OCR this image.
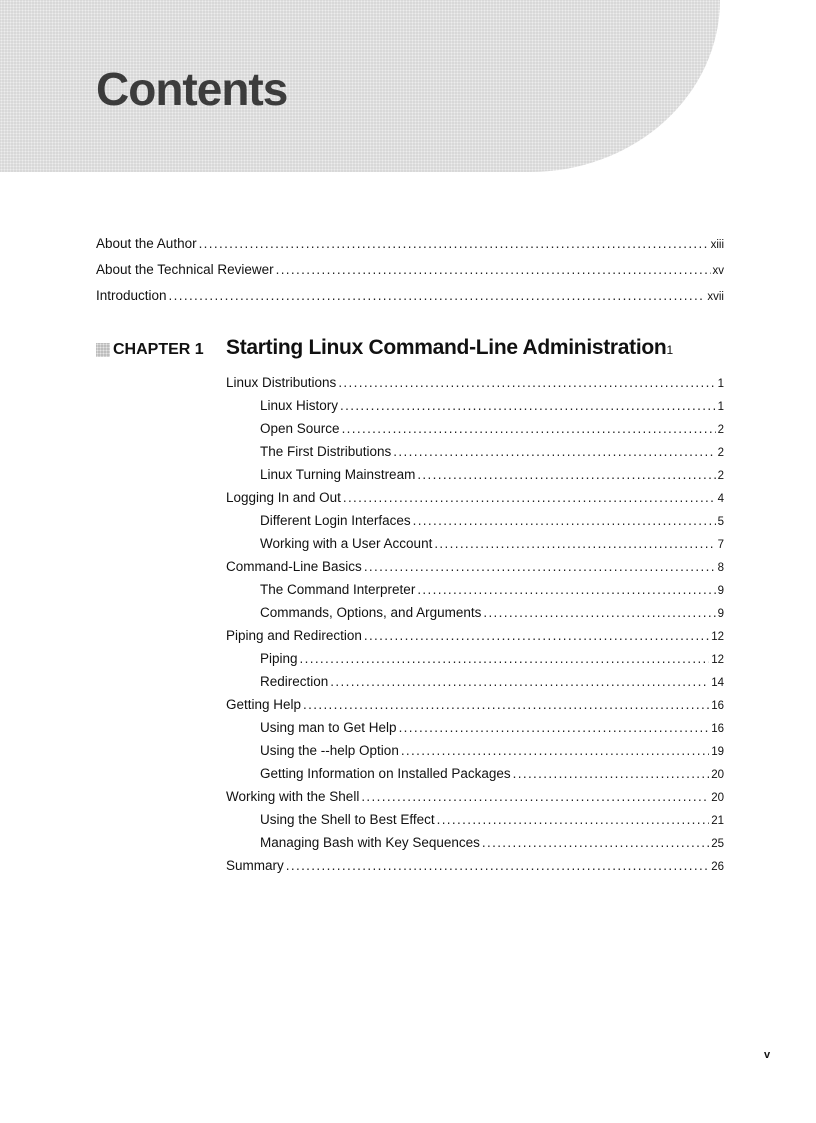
Contents
About the Author . . .	xiii
About the Technical Reviewer . . .	xv
Introduction . . .	xvii
CHAPTER 1 Starting Linux Command-Line Administration 1
Linux Distributions . . .	1
Linux History . . .	1
Open Source . . .	2
The First Distributions . . .	2
Linux Turning Mainstream . . .	2
Logging In and Out . . .	4
Different Login Interfaces . . .	5
Working with a User Account . . .	7
Command-Line Basics . . .	8
The Command Interpreter . . .	9
Commands, Options, and Arguments . . .	9
Piping and Redirection . . .	12
Piping . . .	12
Redirection . . .	14
Getting Help . . .	16
Using man to Get Help . . .	16
Using the --help Option . . .	19
Getting Information on Installed Packages . . .	20
Working with the Shell . . .	20
Using the Shell to Best Effect . . .	21
Managing Bash with Key Sequences . . .	25
Summary . . .	26
v
